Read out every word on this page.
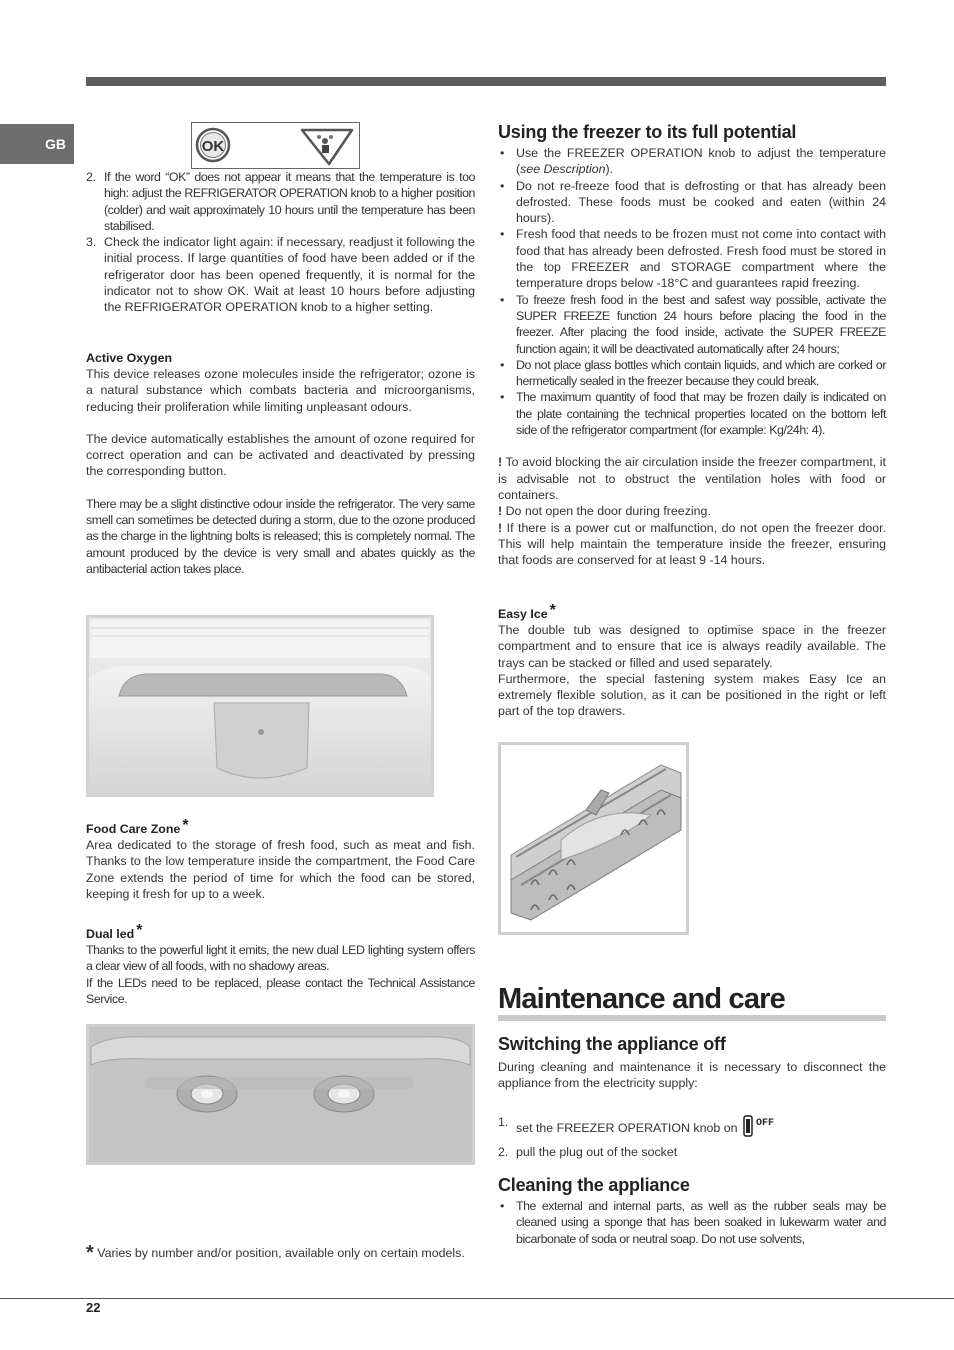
GB	OK
2. If the word “OK” does not appear it means that the temperature is too high: adjust the REFRIGERATOR OPERATION knob to a higher position (colder) and wait approximately 10 hours until the temperature has been stabilised.
3. Check the indicator light again: if necessary, readjust it following the initial process. If large quantities of food have been added or if the refrigerator door has been opened frequently, it is normal for the indicator not to show OK. Wait at least 10 hours before adjusting the REFRIGERATOR OPERATION knob to a higher setting.
Active Oxygen

This device releases ozone molecules inside the refrigerator; ozone is a natural substance which combats bacteria and microorganisms, reducing their proliferation while limiting unpleasant odours.

The device automatically establishes the amount of ozone required for correct operation and can be activated and deactivated by pressing the corresponding button.

There may be a slight distinctive odour inside the refrigerator. The very same smell can sometimes be detected during a storm, due to the ozone produced as the charge in the lightning bolts is released; this is completely normal. The amount produced by the device is very small and abates quickly as the antibacterial action takes place.

Food Care Zone *

Area dedicated to the storage of fresh food, such as meat and fish. Thanks to the low temperature inside the compartment, the Food Care Zone extends the period of time for which the food can be stored, keeping it fresh for up to a week.

Dual led *

Thanks to the powerful light it emits, the new dual LED lighting system offers a clear view of all foods, with no shadowy areas.

If the LEDs need to be replaced, please contact the Technical Assistance Service.

* Varies by number and/or position, available only on certain models.
Using the freezer to its full potential
• Use the FREEZER OPERATION knob to adjust the temperature (see Description).
• Do not re-freeze food that is defrosting or that has already been defrosted. These foods must be cooked and eaten (within 24 hours).
• Fresh food that needs to be frozen must not come into contact with food that has already been defrosted. Fresh food must be stored in the top FREEZER and STORAGE compartment where the temperature drops below -18°C and guarantees rapid freezing.
• To freeze fresh food in the best and safest way possible, activate the SUPER FREEZE function 24 hours before placing the food in the freezer. After placing the food inside, activate the SUPER FREEZE function again; it will be deactivated automatically after 24 hours;
• Do not place glass bottles which contain liquids, and which are corked or hermetically sealed in the freezer because they could break.
• The maximum quantity of food that may be frozen daily is indicated on the plate containing the technical properties located on the bottom left side of the refrigerator compartment (for example: Kg/24h: 4).

! To avoid blocking the air circulation inside the freezer compartment, it is advisable not to obstruct the ventilation holes with food or containers.

! Do not open the door during freezing.

! If there is a power cut or malfunction, do not open the freezer door. This will help maintain the temperature inside the freezer, ensuring that foods are conserved for at least 9 -14 hours.

Easy Ice *

The double tub was designed to optimise space in the freezer compartment and to ensure that ice is always readily available. The trays can be stacked or filled and used separately.

Furthermore, the special fastening system makes Easy Ice an extremely flexible solution, as it can be positioned in the right or left part of the top drawers.

Maintenance and care
Switching the appliance off

During cleaning and maintenance it is necessary to disconnect the appliance from the electricity supply:

1. set the FREEZER OPERATION knob on OFF
2. pull the plug out of the socket
Cleaning the appliance
• The external and internal parts, as well as the rubber seals may be cleaned using a sponge that has been soaked in lukewarm water and bicarbonate of soda or neutral soap. Do not use solvents,
22
